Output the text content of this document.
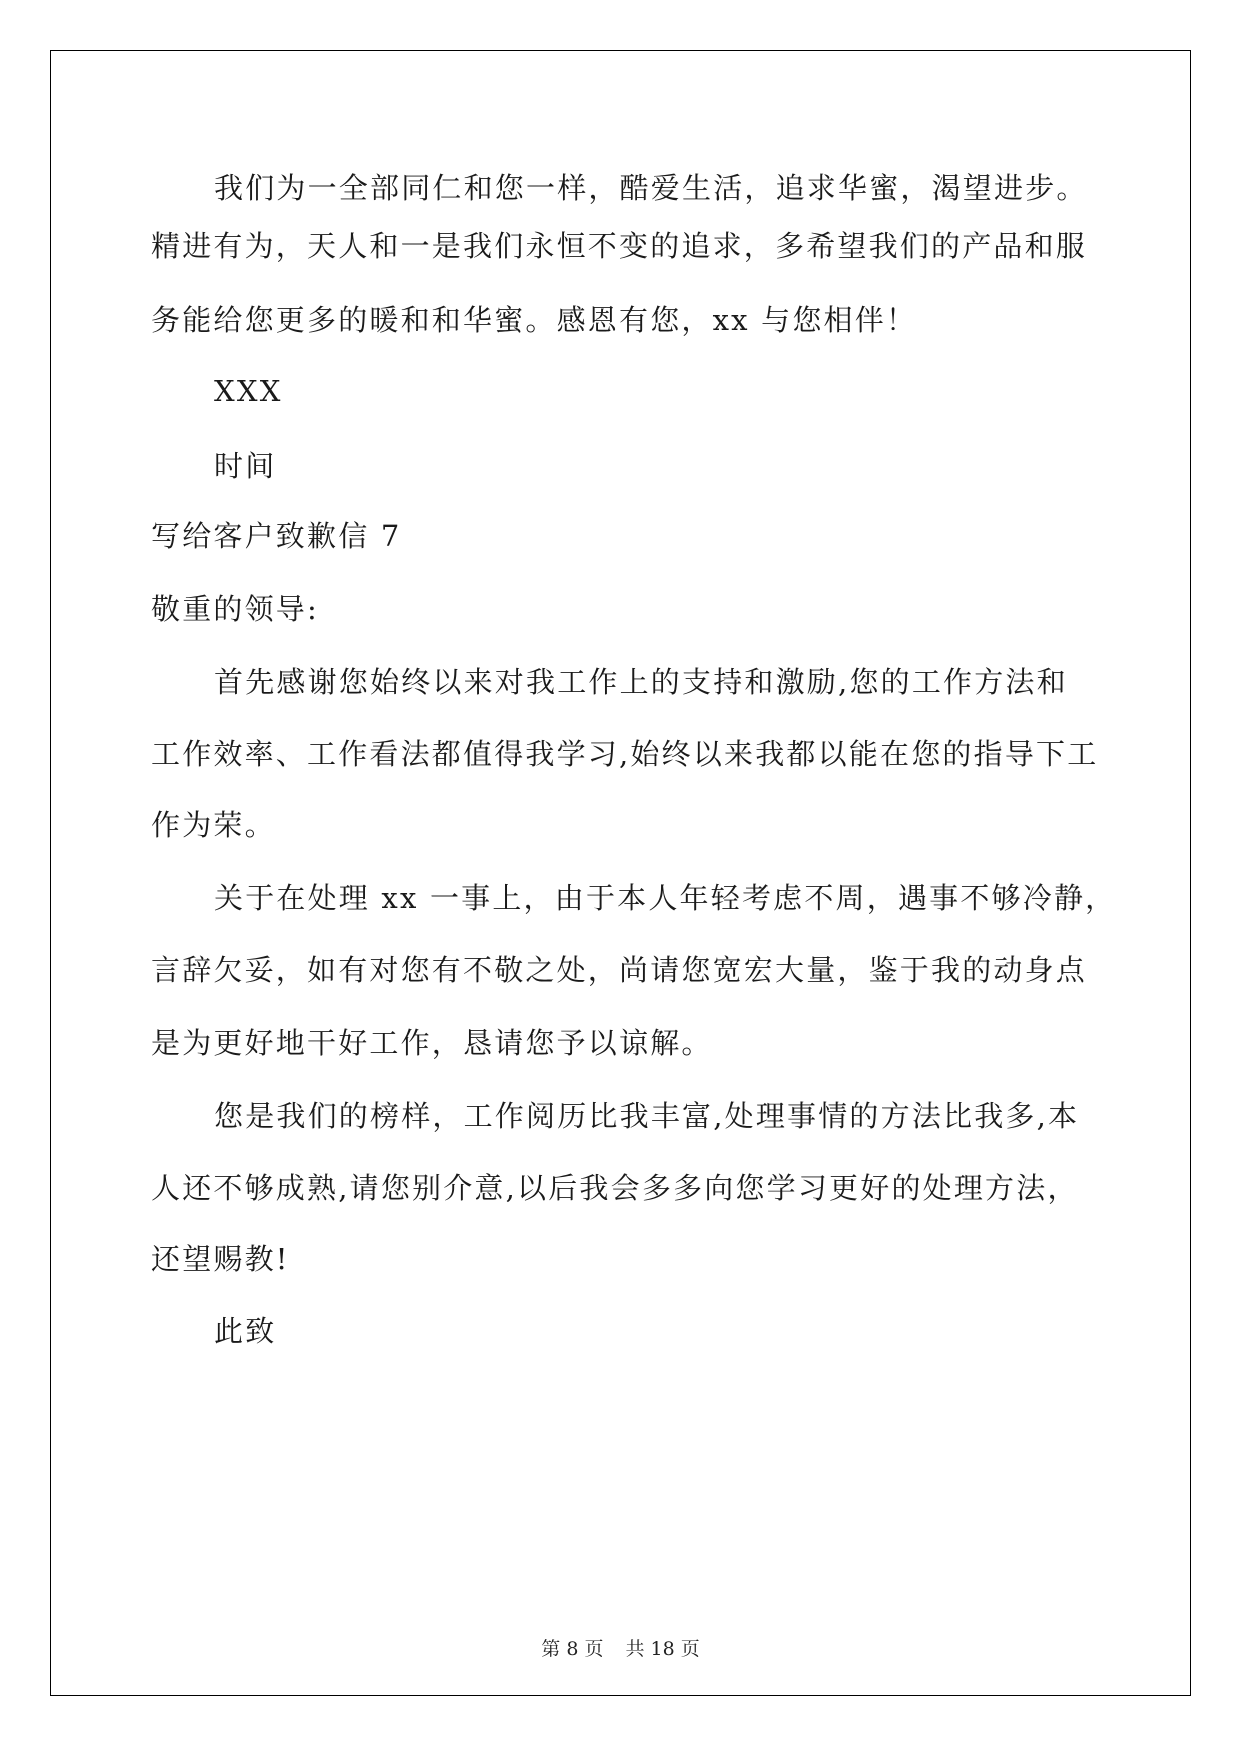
我们为一全部同仁和您一样，酷爱生活，追求华蜜，渴望进步。
精进有为，天人和一是我们永恒不变的追求，多希望我们的产品和服
务能给您更多的暖和和华蜜。感恩有您，xx 与您相伴！
XXX
时间
写给客户致歉信 7
敬重的领导:
首先感谢您始终以来对我工作上的支持和激励,您的工作方法和
工作效率、工作看法都值得我学习,始终以来我都以能在您的指导下工
作为荣。
关于在处理 xx 一事上，由于本人年轻考虑不周，遇事不够冷静，
言辞欠妥，如有对您有不敬之处，尚请您宽宏大量，鉴于我的动身点
是为更好地干好工作，恳请您予以谅解。
您是我们的榜样，工作阅历比我丰富,处理事情的方法比我多,本
人还不够成熟,请您别介意,以后我会多多向您学习更好的处理方法，
还望赐教!
此致
第 8 页 共 18 页
